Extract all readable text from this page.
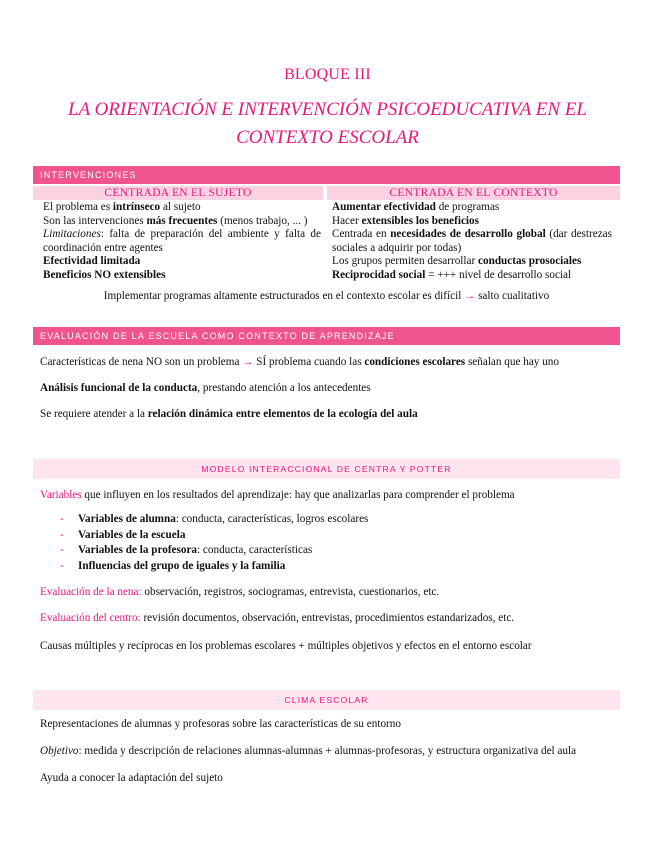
BLOQUE III
LA ORIENTACIÓN E INTERVENCIÓN PSICOEDUCATIVA EN EL
CONTEXTO ESCOLAR
INTERVENCIONES
CENTRADA EN EL SUJETO	CENTRADA EN EL CONTEXTO
El problema es intrínseco al sujeto
Son las intervenciones más frecuentes (menos trabajo, ... )
Limitaciones: falta de preparación del ambiente y falta de coordinación entre agentes
Efectividad limitada
Beneficios NO extensibles
Aumentar efectividad de programas
Hacer extensibles los beneficios
Centrada en necesidades de desarrollo global (dar destrezas sociales a adquirir por todas)
Los grupos permiten desarrollar conductas prosociales
Reciprocidad social = +++ nivel de desarrollo social
Implementar programas altamente estructurados en el contexto escolar es difícil → salto cualitativo
EVALUACIÓN DE LA ESCUELA COMO CONTEXTO DE APRENDIZAJE
Características de nena NO son un problema → SÍ problema cuando las condiciones escolares señalan que hay uno
Análisis funcional de la conducta, prestando atención a los antecedentes
Se requiere atender a la relación dinámica entre elementos de la ecología del aula
MODELO INTERACCIONAL DE CENTRA Y POTTER
Variables que influyen en los resultados del aprendizaje: hay que analizarlas para comprender el problema
- Variables de alumna: conducta, características, logros escolares
- Variables de la escuela
- Variables de la profesora: conducta, características
- Influencias del grupo de iguales y la familia
Evaluación de la nena: observación, registros, sociogramas, entrevista, cuestionarios, etc.
Evaluación del centro: revisión documentos, observación, entrevistas, procedimientos estandarizados, etc.
Causas múltiples y recíprocas en los problemas escolares + múltiples objetivos y efectos en el entorno escolar
CLIMA ESCOLAR
Representaciones de alumnas y profesoras sobre las características de su entorno
Objetivo: medida y descripción de relaciones alumnas-alumnas + alumnas-profesoras, y estructura organizativa del aula
Ayuda a conocer la adaptación del sujeto
